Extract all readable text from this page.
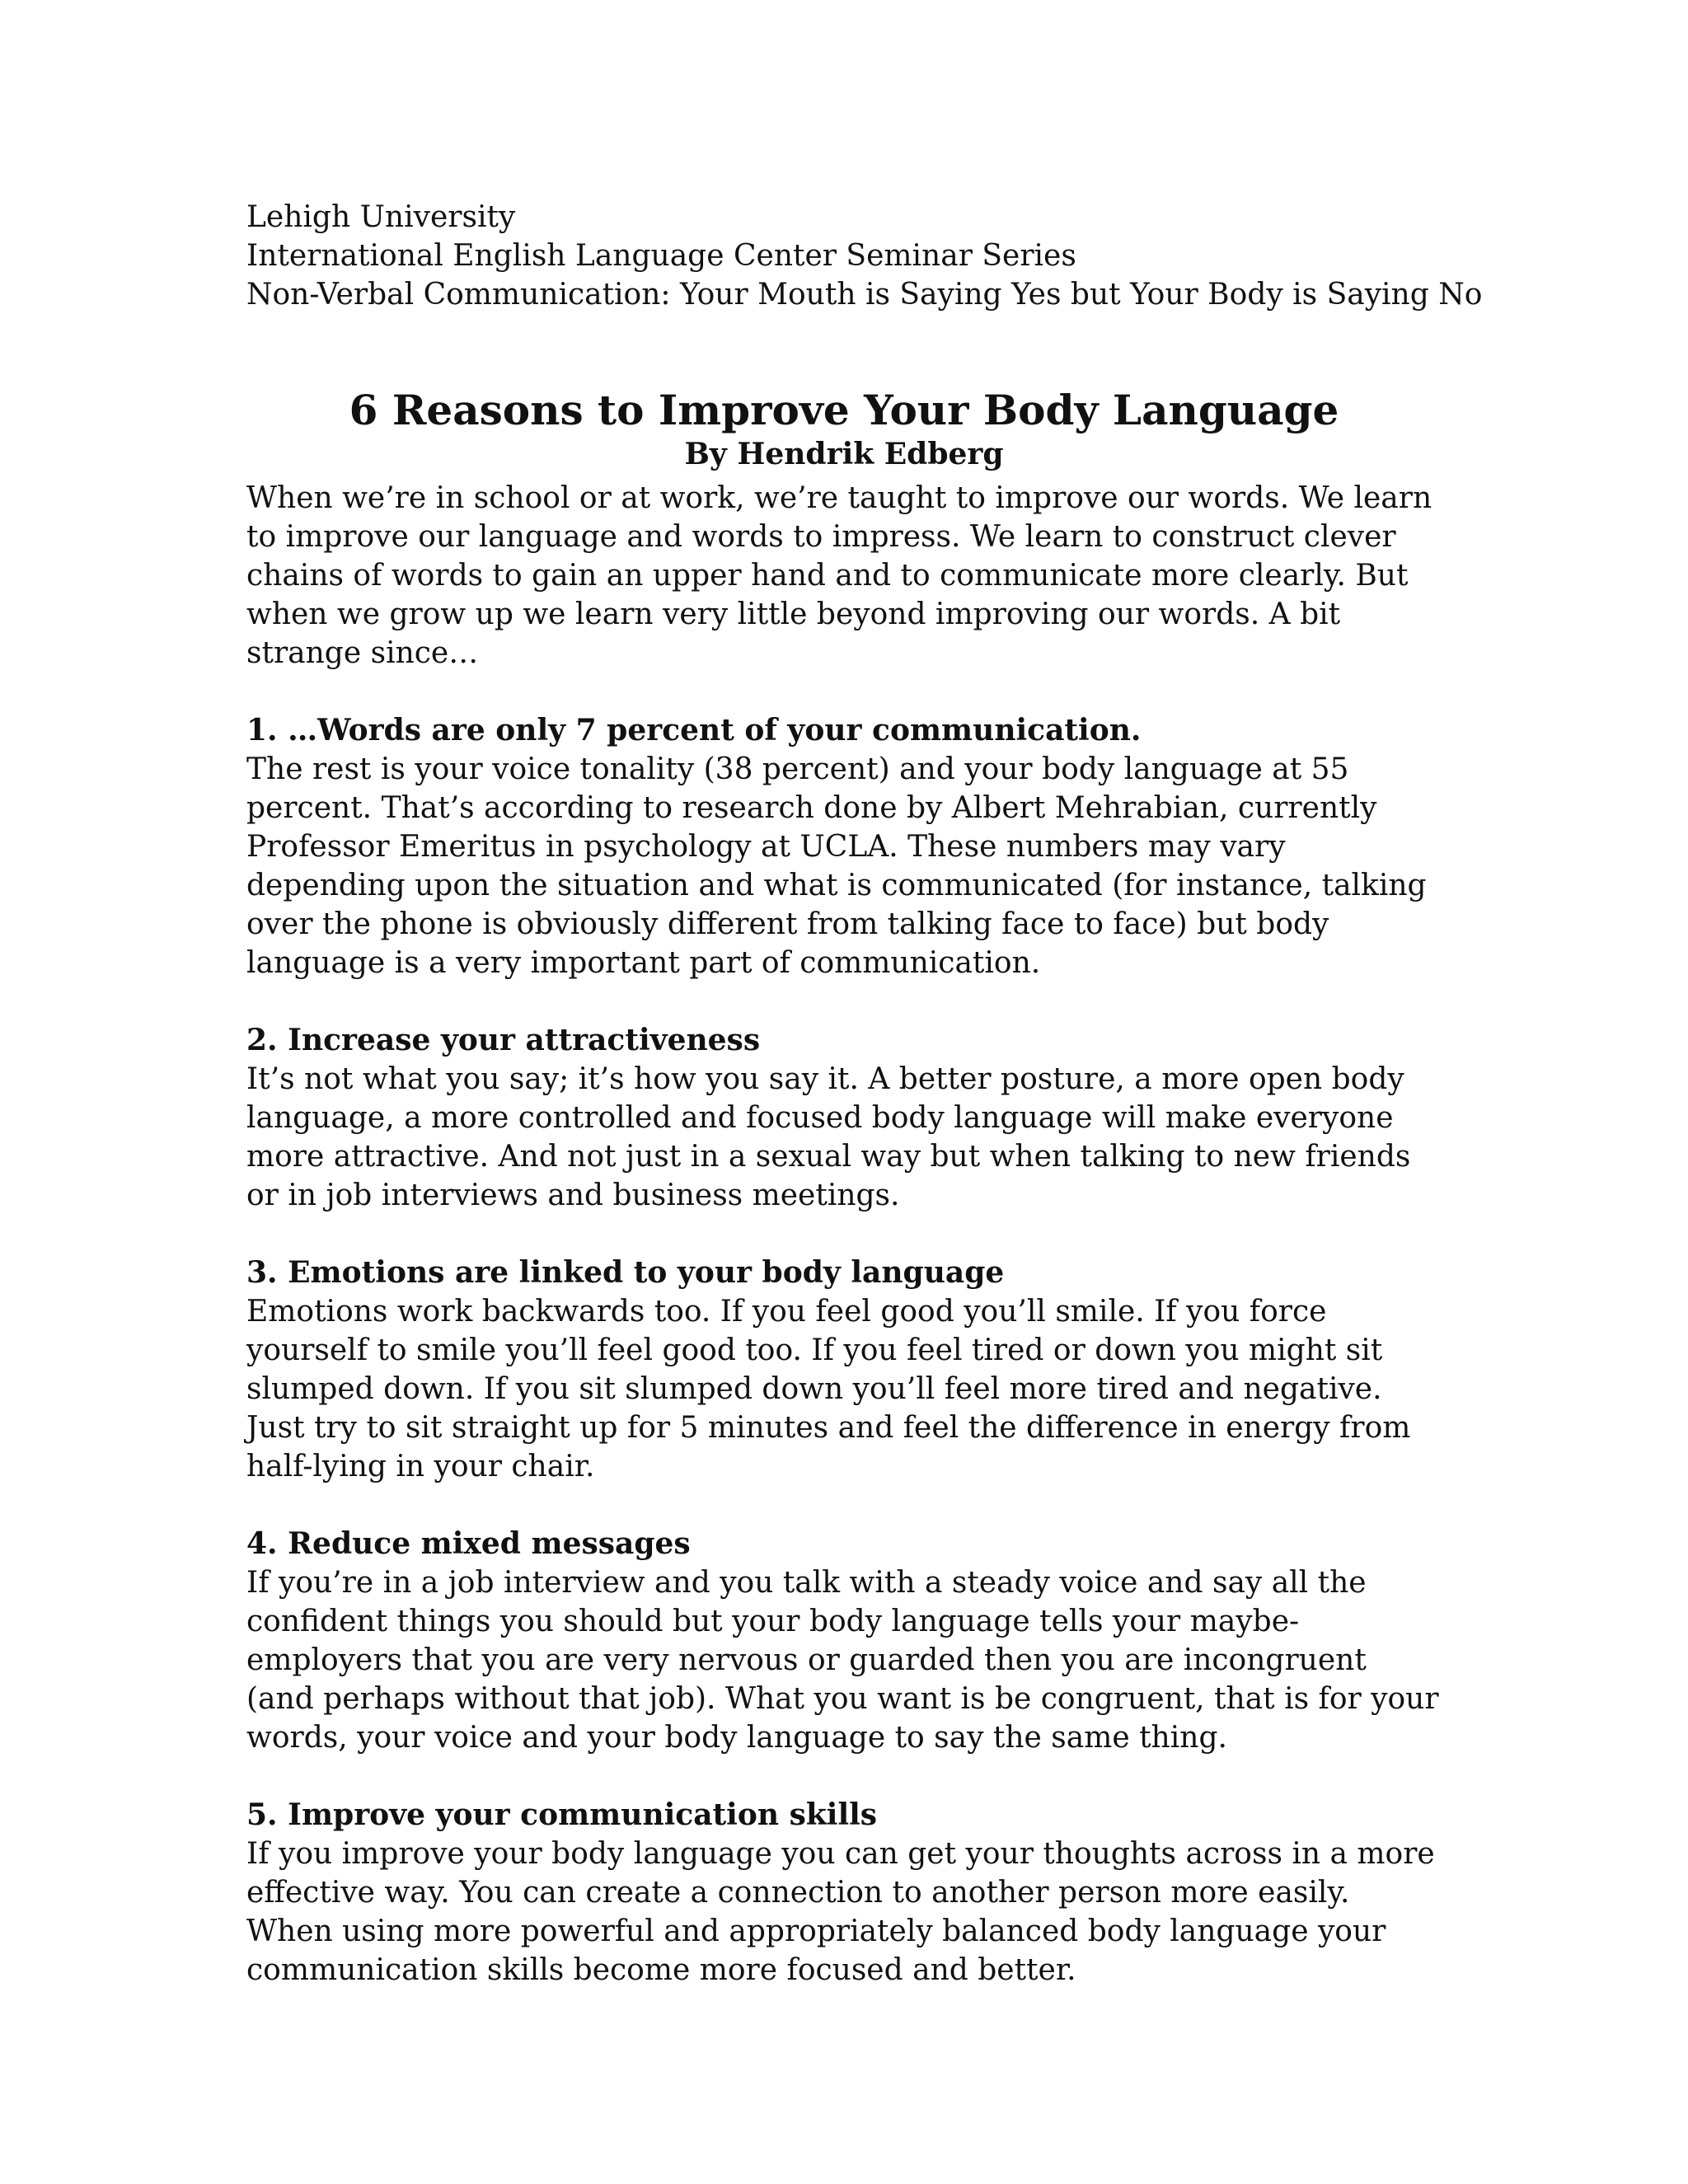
Lehigh University

International English Language Center Seminar Series

Non-Verbal Communication: Your Mouth is Saying Yes but Your Body is Saying No

6 Reasons to Improve Your Body Language

By Hendrik Edberg

When we’re in school or at work, we’re taught to improve our words. We learn to improve our language and words to impress. We learn to construct clever chains of words to gain an upper hand and to communicate more clearly. But when we grow up we learn very little beyond improving our words. A bit strange since…

1. …Words are only 7 percent of your communication.

The rest is your voice tonality (38 percent) and your body language at 55 percent. That’s according to research done by Albert Mehrabian, currently Professor Emeritus in psychology at UCLA. These numbers may vary depending upon the situation and what is communicated (for instance, talking over the phone is obviously different from talking face to face) but body language is a very important part of communication.

2. Increase your attractiveness

It’s not what you say; it’s how you say it. A better posture, a more open body language, a more controlled and focused body language will make everyone more attractive. And not just in a sexual way but when talking to new friends or in job interviews and business meetings.

3. Emotions are linked to your body language

Emotions work backwards too. If you feel good you’ll smile. If you force yourself to smile you’ll feel good too. If you feel tired or down you might sit slumped down. If you sit slumped down you’ll feel more tired and negative. Just try to sit straight up for 5 minutes and feel the difference in energy from half-lying in your chair.

4. Reduce mixed messages

If you’re in a job interview and you talk with a steady voice and say all the confident things you should but your body language tells your maybe-employers that you are very nervous or guarded then you are incongruent (and perhaps without that job). What you want is be congruent, that is for your words, your voice and your body language to say the same thing.

5. Improve your communication skills

If you improve your body language you can get your thoughts across in a more effective way. You can create a connection to another person more easily. When using more powerful and appropriately balanced body language your communication skills become more focused and better.
